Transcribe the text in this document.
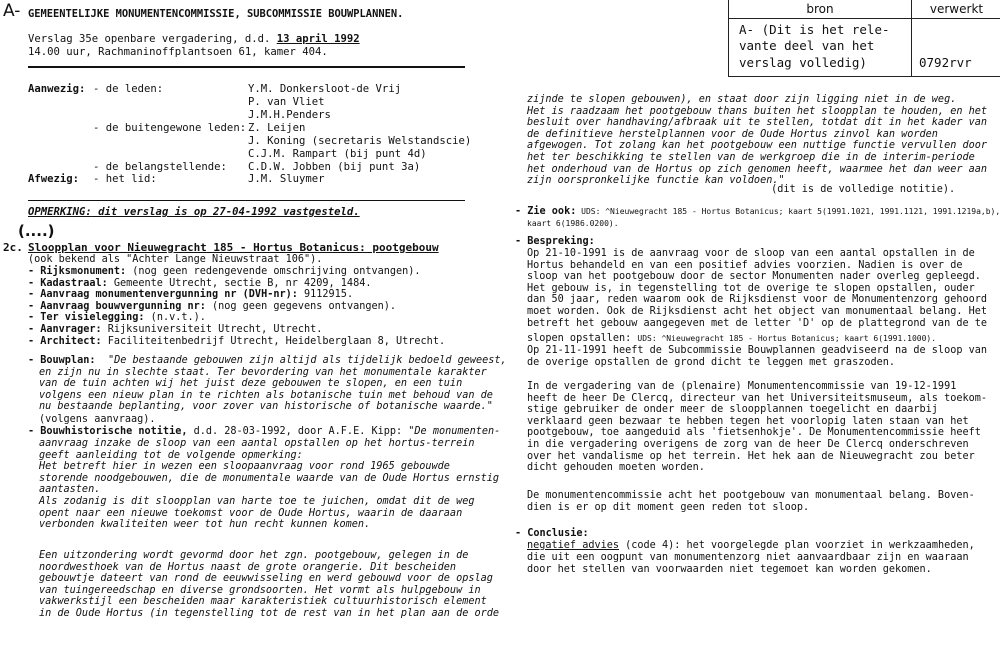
A- GEMEENTELIJKE MONUMENTENCOMMISSIE, SUBCOMMISSIE BOUWPLANNEN.
Verslag 35e openbare vergadering, d.d. 13 april 1992
14.00 uur, Rachmaninoffplantsoen 61, kamer 404.
bron	verwerkt
A- (Dit is het rele-
vante deel van het
verslag volledig)	0792rvr
Aanwezig: - de leden:	Y.M. Donkersloot-de Vrij
P. van Vliet
J.M.H.Penders
- de buitengewone leden: Z. Leijen
J. Koning (secretaris Welstandscie)
C.J.M. Rampart (bij punt 4d)
- de belangstellende: C.D.W. Jobben (bij punt 3a)
Afwezig: - het lid:	J.M. Sluymer
OPMERKING: dit verslag is op 27-04-1992 vastgesteld.
(....)
2c. Sloopplan voor Nieuwegracht 185 - Hortus Botanicus: pootgebouw
(ook bekend als "Achter Lange Nieuwstraat 106").
- Rijksmonument: (nog geen redengevende omschrijving ontvangen).
- Kadastraal: Gemeente Utrecht, sectie B, nr 4209, 1484.
- Aanvraag monumentenvergunning nr (DVH-nr): 9112915.
- Aanvraag bouwvergunning nr: (nog geen gegevens ontvangen).
- Ter visielegging: (n.v.t.).
- Aanvrager: Rijksuniversiteit Utrecht, Utrecht.
- Architect: Faciliteitenbedrijf Utrecht, Heidelberglaan 8, Utrecht.
- Bouwplan: "De bestaande gebouwen zijn altijd als tijdelijk bedoeld geweest,
en zijn nu in slechte staat. Ter bevordering van het monumentale karakter
van de tuin achten wij het juist deze gebouwen te slopen, en een tuin
volgens een nieuw plan in te richten als botanische tuin met behoud van de
nu bestaande beplanting, voor zover van historische of botanische waarde."
(volgens aanvraag).
- Bouwhistorische notitie, d.d. 28-03-1992, door A.F.E. Kipp: "De monumenten-
aanvraag inzake de sloop van een aantal opstallen op het hortus-terrein
geeft aanleiding tot de volgende opmerking:
Het betreft hier in wezen een sloopaanvraag voor rond 1965 gebouwde
storende noodgebouwen, die de monumentale waarde van de Oude Hortus ernstig
aantasten.
Als zodanig is dit sloopplan van harte toe te juichen, omdat dit de weg
opent naar een nieuwe toekomst voor de Oude Hortus, waarin de daaraan
verbonden kwaliteiten weer tot hun recht kunnen komen.
Een uitzondering wordt gevormd door het zgn. pootgebouw, gelegen in de
noordwesthoek van de Hortus naast de grote orangerie. Dit bescheiden
gebouwtje dateert van rond de eeuwwisseling en werd gebouwd voor de opslag
van tuingereedschap en diverse grondsoorten. Het vormt als hulpgebouw in
vakwerkstijl een bescheiden maar karakteristiek cultuurhistorisch element
in de Oude Hortus (in tegenstelling tot de rest van in het plan aan de orde
zijnde te slopen gebouwen), en staat door zijn ligging niet in de weg.
Het is raadzaam het pootgebouw thans buiten het sloopplan te houden, en het
besluit over handhaving/afbraak uit te stellen, totdat dit in het kader van
de definitieve herstelplannen voor de Oude Hortus zinvol kan worden
afgewogen. Tot zolang kan het pootgebouw een nuttige functie vervullen door
het ter beschikking te stellen van de werkgroep die in de interim-periode
het onderhoud van de Hortus op zich genomen heeft, waarmee het dan weer aan
zijn oorspronkelijke functie kan voldoen."
(dit is de volledige notitie).
- Zie ook: UDS: ^Nieuwegracht 185 - Hortus Botanicus; kaart 5(1991.1021, 1991.1121, 1991.1219a,b),
kaart 6(1986.0200).
- Bespreking:
Op 21-10-1991 is de aanvraag voor de sloop van een aantal opstallen in de
Hortus behandeld en van een positief advies voorzien. Nadien is over de
sloop van het pootgebouw door de sector Monumenten nader overleg gepleegd.
Het gebouw is, in tegenstelling tot de overige te slopen opstallen, ouder
dan 50 jaar, reden waarom ook de Rijksdienst voor de Monumentenzorg gehoord
moet worden. Ook de Rijksdienst acht het object van monumentaal belang. Het
betreft het gebouw aangegeven met de letter 'D' op de plattegrond van de te
slopen opstallen: UDS: ^Nieuwegracht 185 - Hortus Botanicus; kaart 6(1991.1000).
Op 21-11-1991 heeft de Subcommissie Bouwplannen geadviseerd na de sloop van
de overige opstallen de grond dicht te leggen met graszoden.
In de vergadering van de (plenaire) Monumentencommissie van 19-12-1991
heeft de heer De Clercq, directeur van het Universiteitsmuseum, als toekom-
stige gebruiker de onder meer de sloopplannen toegelicht en daarbij
verklaard geen bezwaar te hebben tegen het voorlopig laten staan van het
pootgebouw, toe aangeduid als 'fietsenhokje'. De Monumentencommissie heeft
in die vergadering overigens de zorg van de heer De Clercq onderschreven
over het vandalisme op het terrein. Het hek aan de Nieuwegracht zou beter
dicht gehouden moeten worden.
De monumentencommissie acht het pootgebouw van monumentaal belang. Boven-
dien is er op dit moment geen reden tot sloop.
- Conclusie:
negatief advies (code 4): het voorgelegde plan voorziet in werkzaamheden,
die uit een oogpunt van monumentenzorg niet aanvaardbaar zijn en waaraan
door het stellen van voorwaarden niet tegemoet kan worden gekomen.
